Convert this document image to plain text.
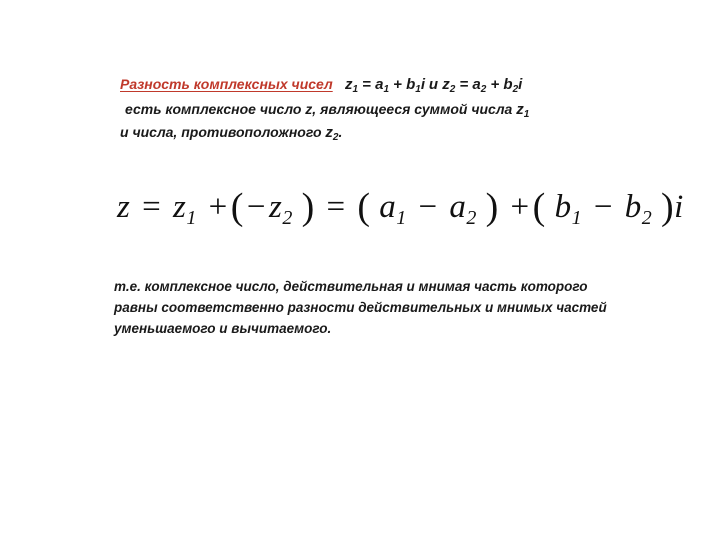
Разность комплексных чисел $z_1 = a_1 + b_1i$ и $z_2 = a_2 + b_2i$
есть комплексное число z, являющееся суммой числа $z_1$
и числа, противоположного $z_2$.
$z = z_1 +(-z_2$ ) = ( $a_1 - a_2$ ) +( $b_1 - b_2$ )i
т.е. комплексное число, действительная и мнимая часть которого
равны соответственно разности действительных и мнимых частей
уменьшаемого и вычитаемого.
